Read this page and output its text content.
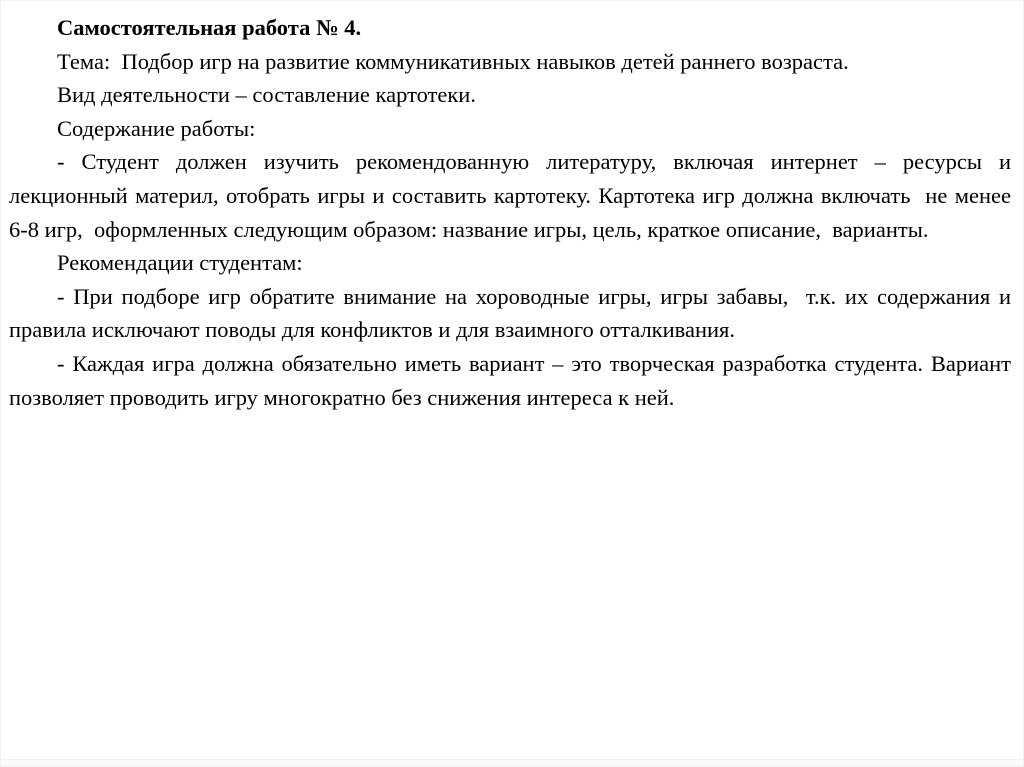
Самостоятельная работа № 4.

Тема:  Подбор игр на развитие коммуникативных навыков детей раннего возраста.

Вид деятельности – составление картотеки.

Содержание работы:

- Студент должен изучить рекомендованную литературу, включая интернет – ресурсы и лекционный материл, отобрать игры и составить картотеку. Картотека игр должна включать  не менее 6-8 игр,  оформленных следующим образом: название игры, цель, краткое описание,  варианты.

Рекомендации студентам:

- При подборе игр обратите внимание на хороводные игры, игры забавы,  т.к. их содержания и правила исключают поводы для конфликтов и для взаимного отталкивания.

- Каждая игра должна обязательно иметь вариант – это творческая разработка студента. Вариант позволяет проводить игру многократно без снижения интереса к ней.
